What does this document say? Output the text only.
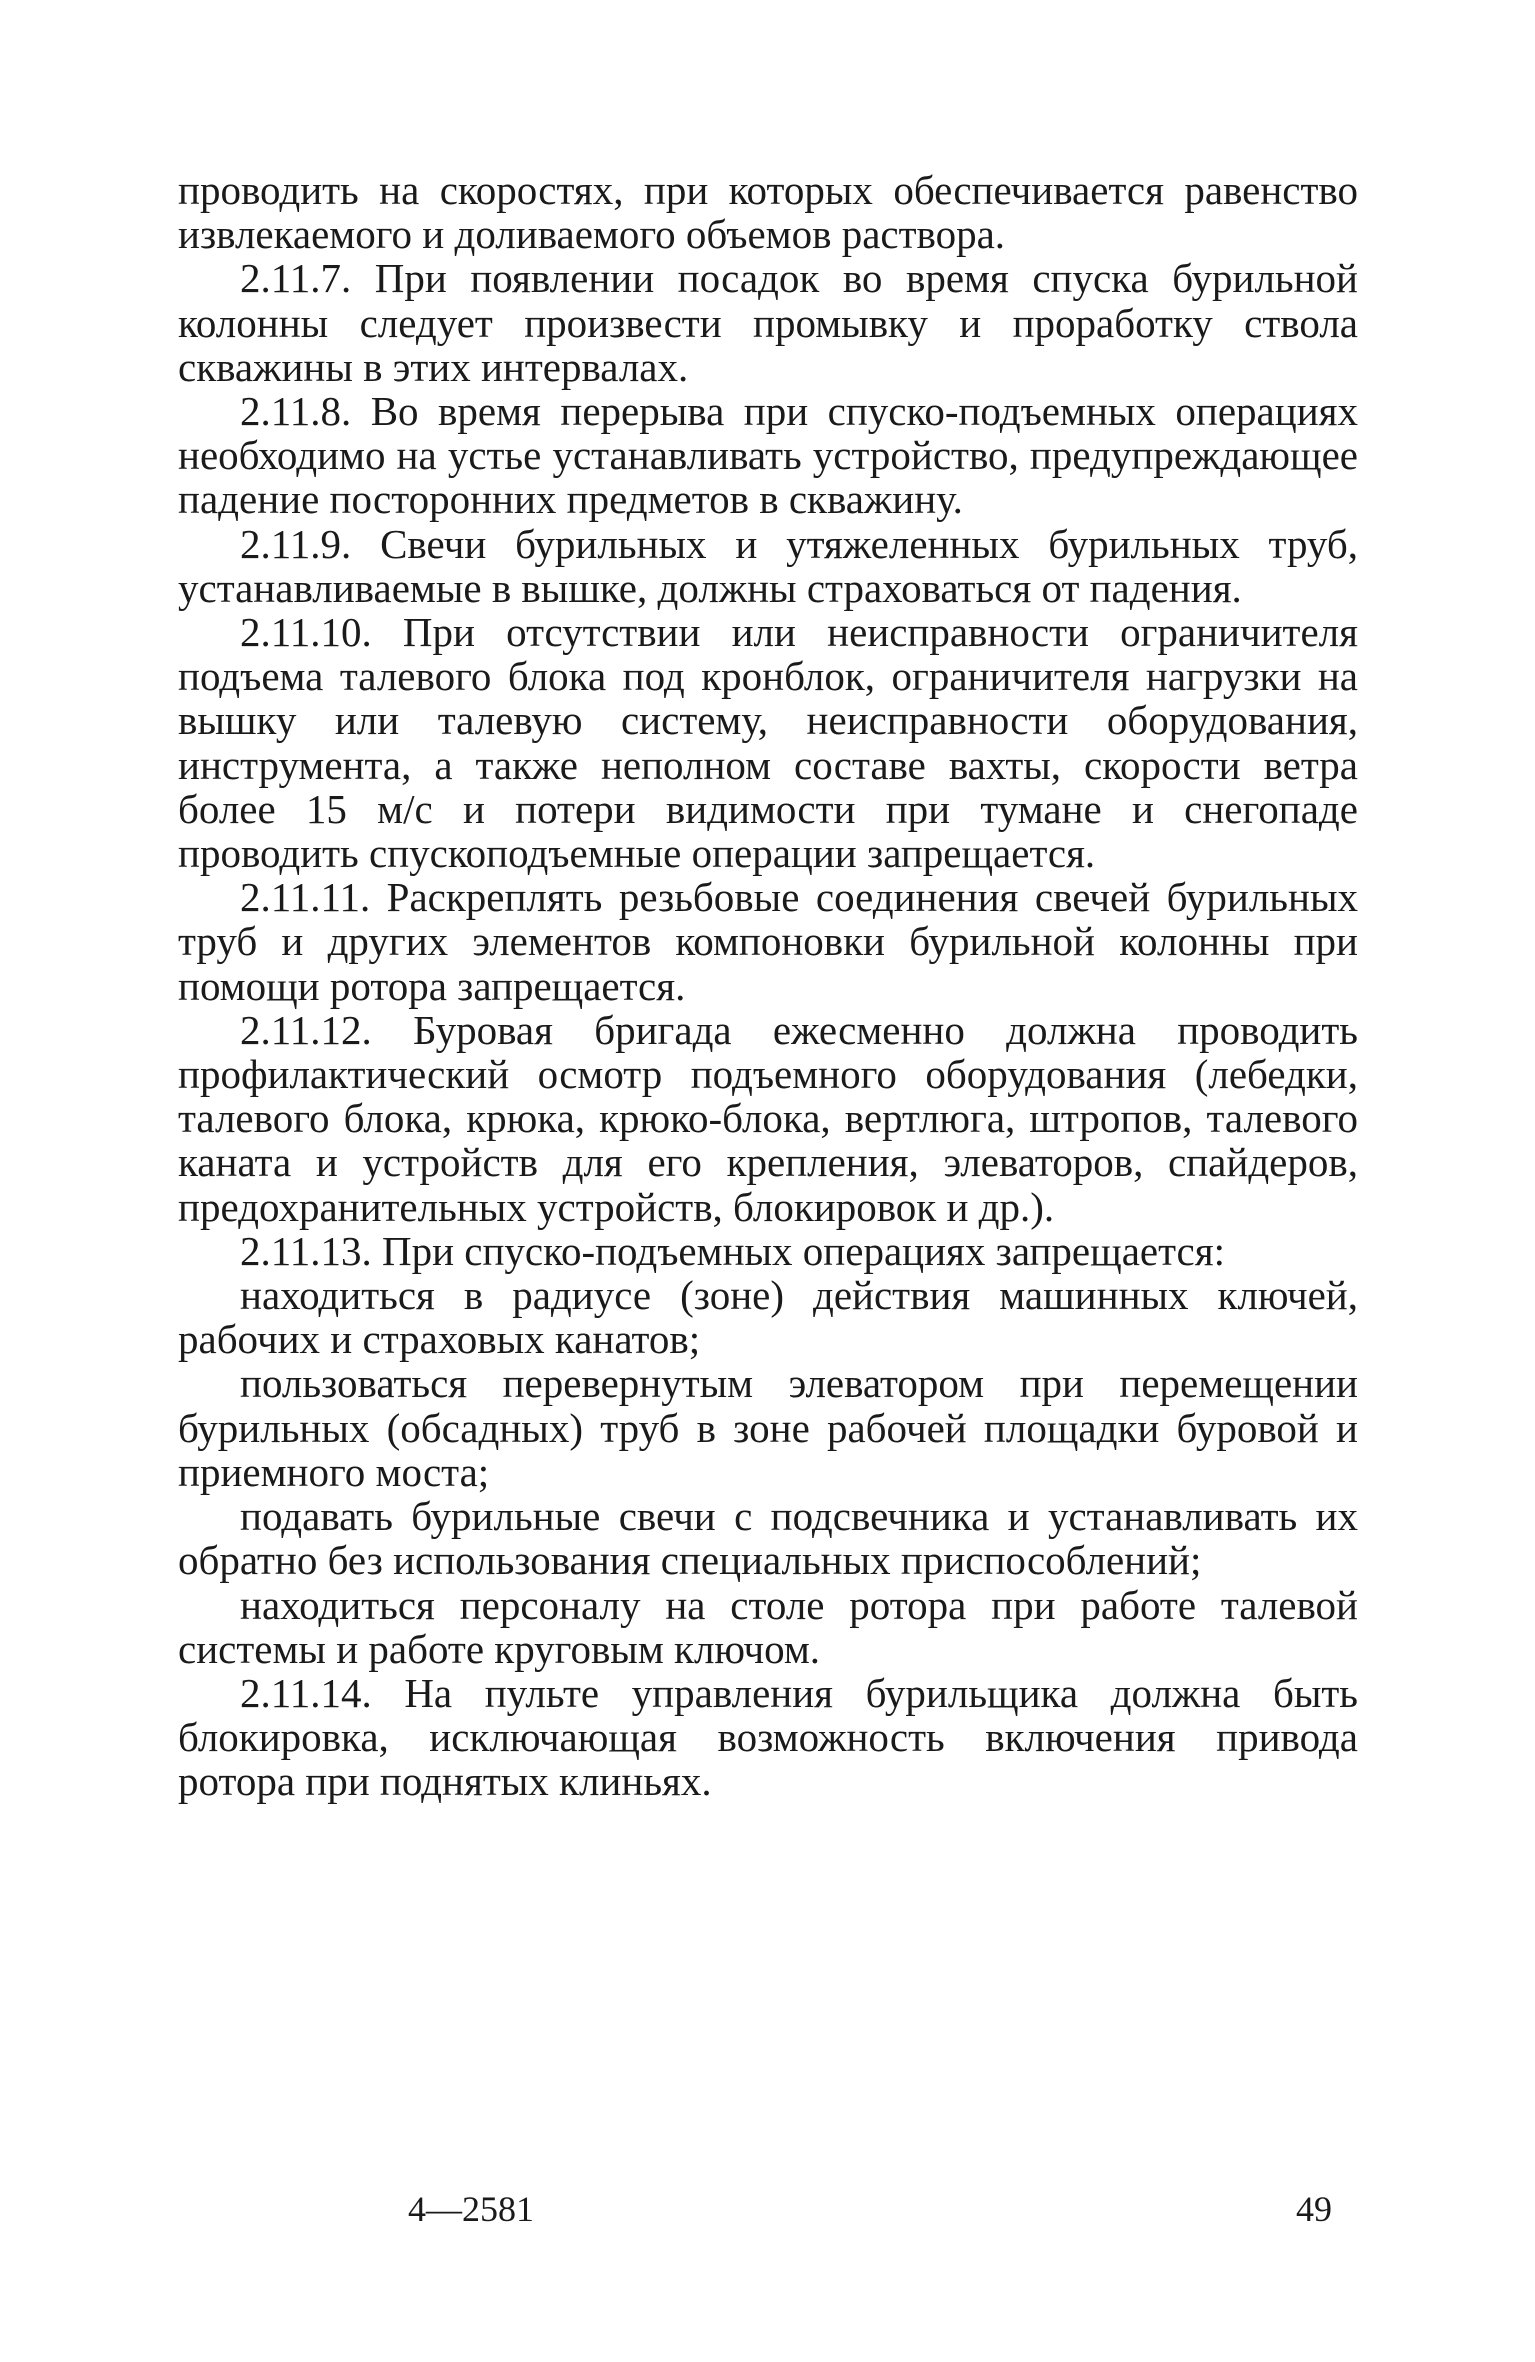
проводить на скоростях, при которых обеспечивается равенство извлекаемого и доливаемого объемов раствора.

2.11.7. При появлении посадок во время спуска бурильной колонны следует произвести промывку и проработку ствола скважины в этих интервалах.

2.11.8. Во время перерыва при спуско-подъемных операциях необходимо на устье устанавливать устройство, предупреждающее падение посторонних предметов в скважину.

2.11.9. Свечи бурильных и утяжеленных бурильных труб, устанавливаемые в вышке, должны страховаться от падения.

2.11.10. При отсутствии или неисправности ограничителя подъема талевого блока под кронблок, ограничителя нагрузки на вышку или талевую систему, неисправности оборудования, инструмента, а также неполном составе вахты, скорости ветра более 15 м/с и потери видимости при тумане и снегопаде проводить спускоподъемные операции запрещается.

2.11.11. Раскреплять резьбовые соединения свечей бурильных труб и других элементов компоновки бурильной колонны при помощи ротора запрещается.

2.11.12. Буровая бригада ежесменно должна проводить профилактический осмотр подъемного оборудования (лебедки, талевого блока, крюка, крюко-блока, вертлюга, штропов, талевого каната и устройств для его крепления, элеваторов, спайдеров, предохранительных устройств, блокировок и др.).

2.11.13. При спуско-подъемных операциях запрещается:

находиться в радиусе (зоне) действия машинных ключей, рабочих и страховых канатов;

пользоваться перевернутым элеватором при перемещении бурильных (обсадных) труб в зоне рабочей площадки буровой и приемного моста;

подавать бурильные свечи с подсвечника и устанавливать их обратно без использования специальных приспособлений;

находиться персоналу на столе ротора при работе талевой системы и работе круговым ключом.

2.11.14. На пульте управления бурильщика должна быть блокировка, исключающая возможность включения привода ротора при поднятых клиньях.

4—2581	49
